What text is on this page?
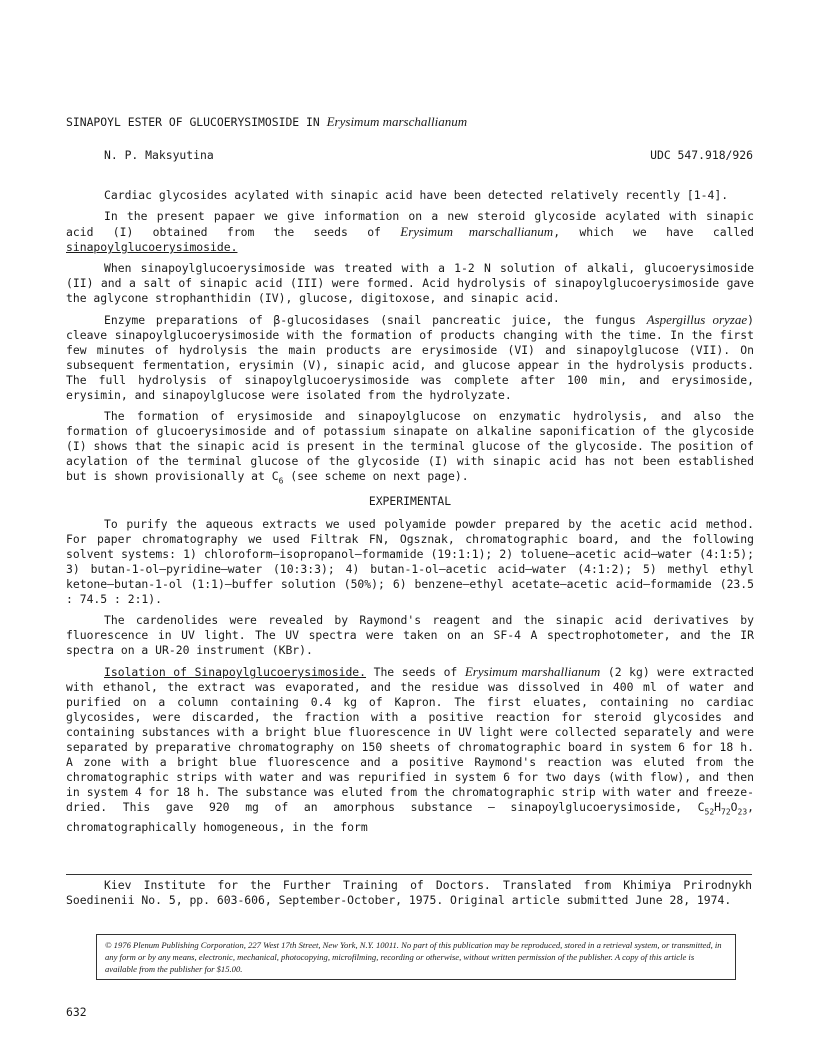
SINAPOYL ESTER OF GLUCOERYSIMOSIDE IN Erysimum marschallianum
N. P. Maksyutina	UDC 547.918/926

Cardiac glycosides acylated with sinapic acid have been detected relatively recently [1-4].

In the present papaer we give information on a new steroid glycoside acylated with sinapic acid (I) obtained from the seeds of Erysimum marschallianum, which we have called sinapoylglucoerysimoside.

When sinapoylglucoerysimoside was treated with a 1-2 N solution of alkali, glucoerysimoside (II) and a salt of sinapic acid (III) were formed. Acid hydrolysis of sinapoylglucoerysimoside gave the aglycone strophanthidin (IV), glucose, digitoxose, and sinapic acid.

Enzyme preparations of β-glucosidases (snail pancreatic juice, the fungus Aspergillus oryzae) cleave sinapoylglucoerysimoside with the formation of products changing with the time. In the first few minutes of hydrolysis the main products are erysimoside (VI) and sinapoylglucose (VII). On subsequent fermentation, erysimin (V), sinapic acid, and glucose appear in the hydrolysis products. The full hydrolysis of sinapoylglucoerysimoside was complete after 100 min, and erysimoside, erysimin, and sinapoylglucose were isolated from the hydrolyzate.

The formation of erysimoside and sinapoylglucose on enzymatic hydrolysis, and also the formation of glucoerysimoside and of potassium sinapate on alkaline saponification of the glycoside (I) shows that the sinapic acid is present in the terminal glucose of the glycoside. The position of acylation of the terminal glucose of the glycoside (I) with sinapic acid has not been established but is shown provisionally at $C_6$ (see scheme on next page).

EXPERIMENTAL

To purify the aqueous extracts we used polyamide powder prepared by the acetic acid method. For paper chromatography we used Filtrak FN, Ogsznak, chromatographic board, and the following solvent systems: 1) chloroform—isopropanol—formamide (19:1:1); 2) toluene—acetic acid—water (4:1:5); 3) butan-1-ol—pyridine—water (10:3:3); 4) butan-1-ol—acetic acid—water (4:1:2); 5) methyl ethyl ketone—butan-1-ol (1:1)—buffer solution (50%); 6) benzene—ethyl acetate—acetic acid—formamide (23.5 : 74.5 : 2:1).

The cardenolides were revealed by Raymond's reagent and the sinapic acid derivatives by fluorescence in UV light. The UV spectra were taken on an SF-4 A spectrophotometer, and the IR spectra on a UR-20 instrument (KBr).

Isolation of Sinapoylglucoerysimoside. The seeds of Erysimum marshallianum (2 kg) were extracted with ethanol, the extract was evaporated, and the residue was dissolved in 400 ml of water and purified on a column containing 0.4 kg of Kapron. The first eluates, containing no cardiac glycosides, were discarded, the fraction with a positive reaction for steroid glycosides and containing substances with a bright blue fluorescence in UV light were collected separately and were separated by preparative chromatography on 150 sheets of chromatographic board in system 6 for 18 h. A zone with a bright blue fluorescence and a positive Raymond's reaction was eluted from the chromatographic strips with water and was repurified in system 6 for two days (with flow), and then in system 4 for 18 h. The substance was eluted from the chromatographic strip with water and freeze-dried. This gave 920 mg of an amorphous substance — sinapoylglucoerysimoside, $C_{52}H_{72}O_{23}$, chromatographically homogeneous, in the form

Kiev Institute for the Further Training of Doctors. Translated from Khimiya Prirodnykh Soedinenii No. 5, pp. 603-606, September-October, 1975. Original article submitted June 28, 1974.
© 1976 Plenum Publishing Corporation, 227 West 17th Street, New York, N.Y. 10011. No part of this publication may be reproduced, stored in a retrieval system, or transmitted, in any form or by any means, electronic, mechanical, photocopying, microfilming, recording or otherwise, without written permission of the publisher. A copy of this article is available from the publisher for $15.00.
632
